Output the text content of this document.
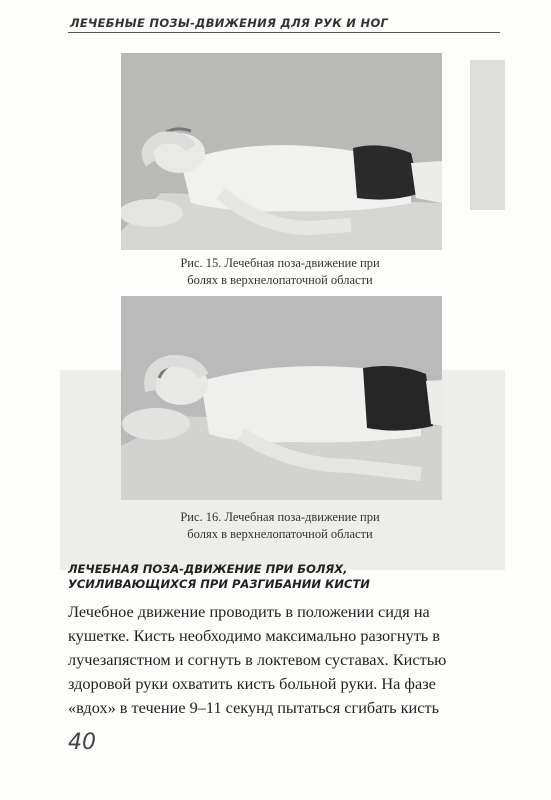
ЛЕЧЕБНЫЕ ПОЗЫ-ДВИЖЕНИЯ ДЛЯ РУК И НОГ
Рис. 15. Лечебная поза-движение при
болях в верхнелопаточной области
Рис. 16. Лечебная поза-движение при
болях в верхнелопаточной области
ЛЕЧЕБНАЯ ПОЗА-ДВИЖЕНИЕ ПРИ БОЛЯХ,
УСИЛИВАЮЩИХСЯ ПРИ РАЗГИБАНИИ КИСТИ
Лечебное движение проводить в положении сидя на
кушетке. Кисть необходимо максимально разогнуть в
лучезапястном и согнуть в локтевом суставах. Кистью
здоровой руки охватить кисть больной руки. На фазе
«вдох» в течение 9–11 секунд пытаться сгибать кисть
40
